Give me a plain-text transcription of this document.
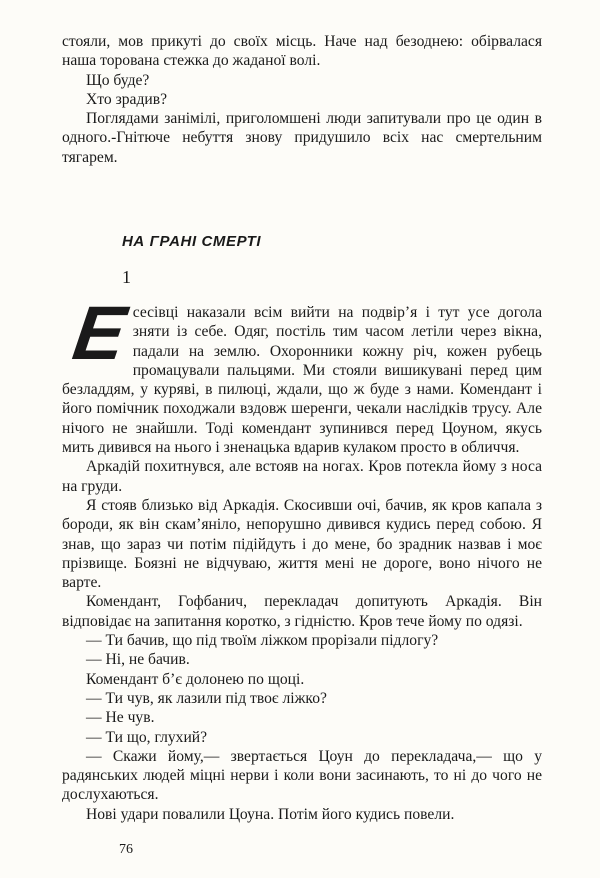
стояли, мов прикуті до своїх місць. Наче над безоднею: обірвалася наша торована стежка до жаданої волі.

Що буде?

Хто зрадив?

Поглядами занімілі, приголомшені люди запитували про це один в одного.-Гнітюче небуття знову придушило всіх нас смертельним тягарем.

НА ГРАНІ СМЕРТІ

1

Есесівці наказали всім вийти на подвір’я і тут усе догола зняти із себе. Одяг, постіль тим часом летіли через вікна, падали на землю. Охоронники кожну річ, кожен рубець промацували пальцями. Ми стояли вишикувані перед цим безладдям, у куряві, в пилюці, ждали, що ж буде з нами. Комендант і його помічник походжали вздовж шеренги, чекали наслідків трусу. Але нічого не знайшли. Тоді комендант зупинився перед Цоуном, якусь мить дивився на нього і зненацька вдарив кулаком просто в обличчя.

Аркадій похитнувся, але встояв на ногах. Кров потекла йому з носа на груди.

Я стояв близько від Аркадія. Скосивши очі, бачив, як кров капала з бороди, як він скам’яніло, непорушно дивився кудись перед собою. Я знав, що зараз чи потім підійдуть і до мене, бо зрадник назвав і моє прізвище. Боязні не відчуваю, життя мені не дороге, воно нічого не варте.

Комендант, Гофбанич, перекладач допитують Аркадія. Він відповідає на запитання коротко, з гідністю. Кров тече йому по одязі.

— Ти бачив, що під твоїм ліжком прорізали підлогу?

— Ні, не бачив.

Комендант б’є долонею по щоці.

— Ти чув, як лазили під твоє ліжко?

— Не чув.

— Ти що, глухий?

— Скажи йому,— звертається Цоун до перекладача,— що у радянських людей міцні нерви і коли вони засинають, то ні до чого не дослухаються.

Нові удари повалили Цоуна. Потім його кудись повели.

76
